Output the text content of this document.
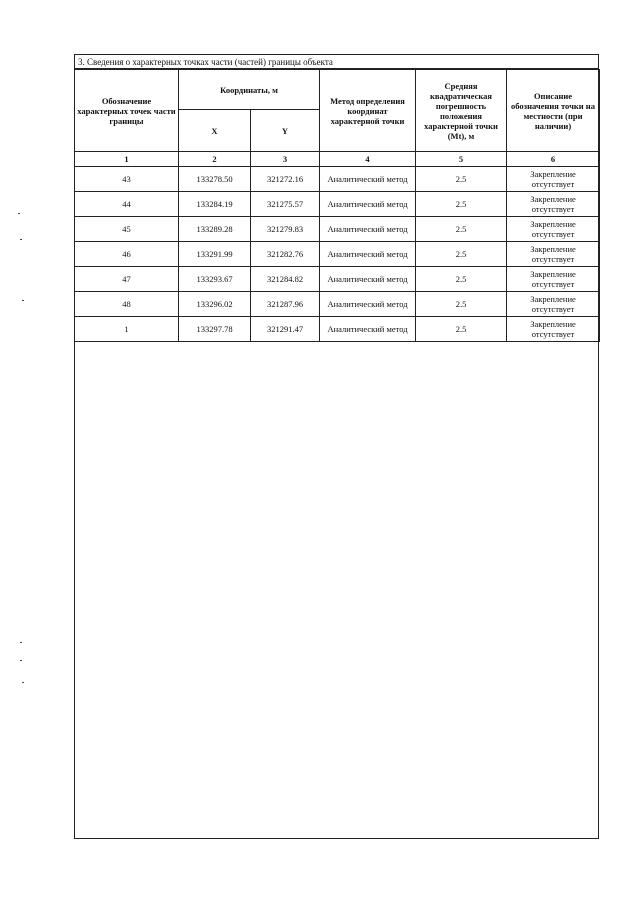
3. Сведения о характерных точках части (частей) границы объекта
Обозначение характерных точек части границы	Координаты, м		Метод определения координат характерной точки	Средняя квадратическая погрешность положения характерной точки (Mt), м	Описание обозначения точки на местности (при наличии)
	X	Y			
1	2	3	4	5	6
43	133278.50	321272.16	Аналитический метод	2.5	Закрепление отсутствует
44	133284.19	321275.57	Аналитический метод	2.5	Закрепление отсутствует
45	133289.28	321279.83	Аналитический метод	2.5	Закрепление отсутствует
46	133291.99	321282.76	Аналитический метод	2.5	Закрепление отсутствует
47	133293.67	321284.82	Аналитический метод	2.5	Закрепление отсутствует
48	133296.02	321287.96	Аналитический метод	2.5	Закрепление отсутствует
1	133297.78	321291.47	Аналитический метод	2.5	Закрепление отсутствует
